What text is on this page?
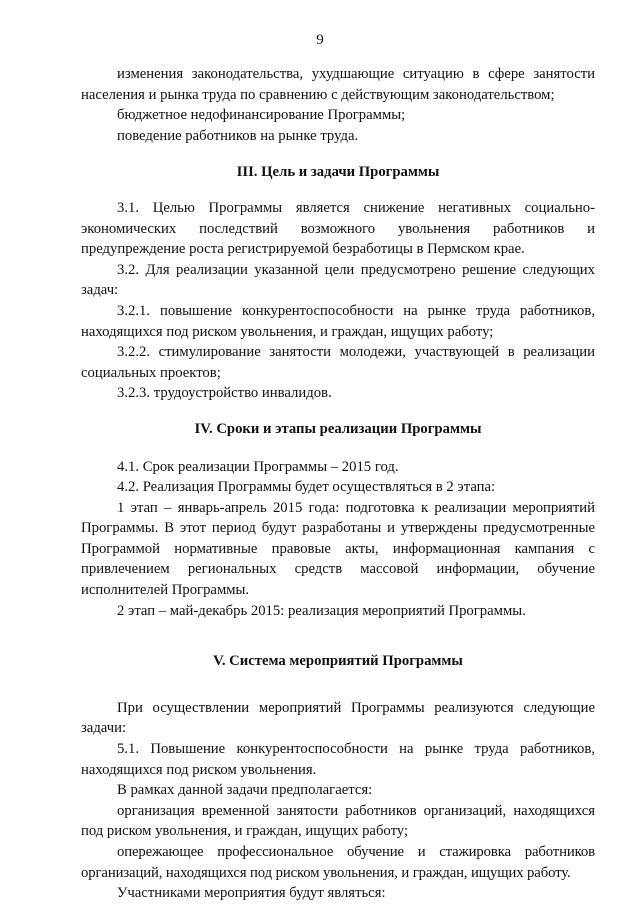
9

изменения законодательства, ухудшающие ситуацию в сфере занятости населения и рынка труда по сравнению с действующим законодательством;

бюджетное недофинансирование Программы;

поведение работников на рынке труда.

III. Цель и задачи Программы

3.1. Целью Программы является снижение негативных социально-экономических последствий возможного увольнения работников и предупреждение роста регистрируемой безработицы в Пермском крае.

3.2. Для реализации указанной цели предусмотрено решение следующих задач:

3.2.1. повышение конкурентоспособности на рынке труда работников, находящихся под риском увольнения, и граждан, ищущих работу;

3.2.2. стимулирование занятости молодежи, участвующей в реализации социальных проектов;

3.2.3. трудоустройство инвалидов.

IV. Сроки и этапы реализации Программы

4.1. Срок реализации Программы – 2015 год.

4.2. Реализация Программы будет осуществляться в 2 этапа:

1 этап – январь-апрель 2015 года: подготовка к реализации мероприятий Программы. В этот период будут разработаны и утверждены предусмотренные Программой нормативные правовые акты, информационная кампания с привлечением региональных средств массовой информации, обучение исполнителей Программы.

2 этап – май-декабрь 2015: реализация мероприятий Программы.

V. Система мероприятий Программы

При осуществлении мероприятий Программы реализуются следующие задачи:

5.1. Повышение конкурентоспособности на рынке труда работников, находящихся под риском увольнения.

В рамках данной задачи предполагается:

организация временной занятости работников организаций, находящихся под риском увольнения, и граждан, ищущих работу;

опережающее профессиональное обучение и стажировка работников организаций, находящихся под риском увольнения, и граждан, ищущих работу.

Участниками мероприятия будут являться:
